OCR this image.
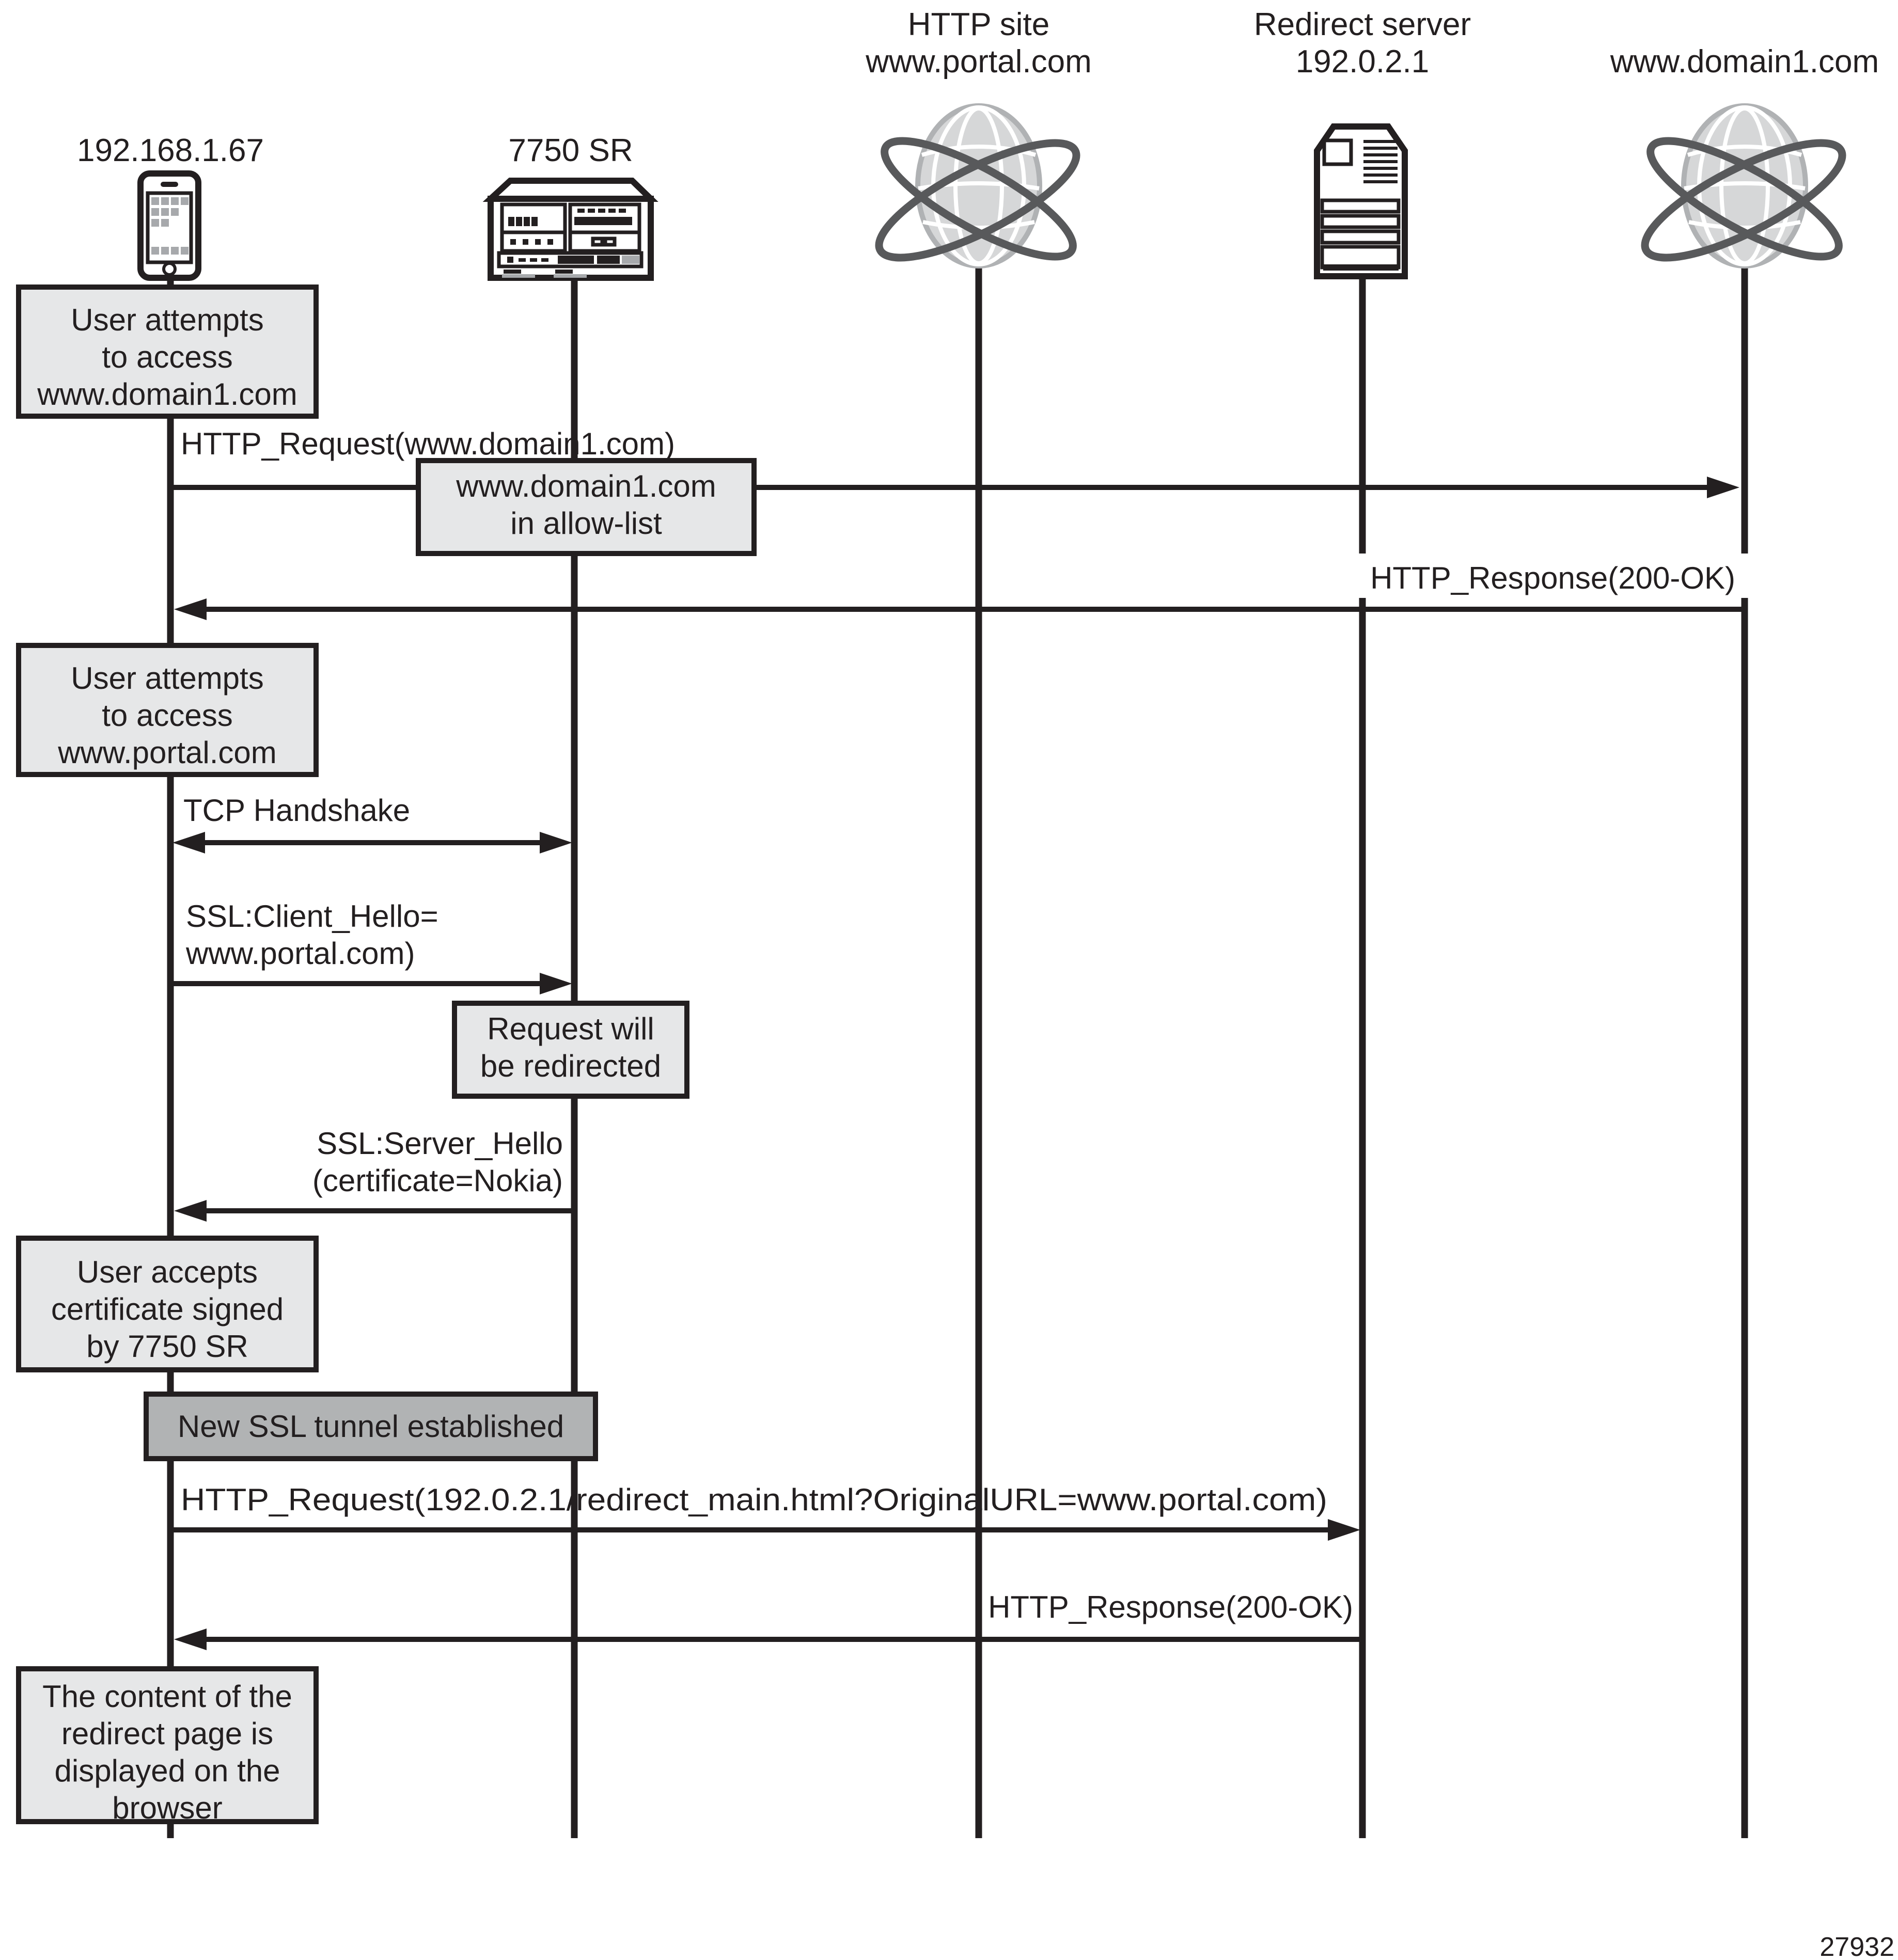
User attempts
to access
www.domain1.com
User attempts
to access
www.portal.com
User accepts
certificate signed
by 7750 SR
The content of the
redirect page is
displayed on the
browser
www.domain1.com
in allow-list
Request will
be redirected
New SSL tunnel established
HTTP_Request(www.domain1.com)
HTTP_Response(200-OK)
TCP Handshake
SSL:Client_Hello=
www.portal.com)
SSL:Server_Hello
(certificate=Nokia)
HTTP_Request(192.0.2.1/redirect_main.html?OriginalURL=www.portal.com)
HTTP_Response(200-OK)
192.168.1.67	7750 SR
HTTP site
www.portal.com
Redirect server
192.0.2.1	www.domain1.com
27932
